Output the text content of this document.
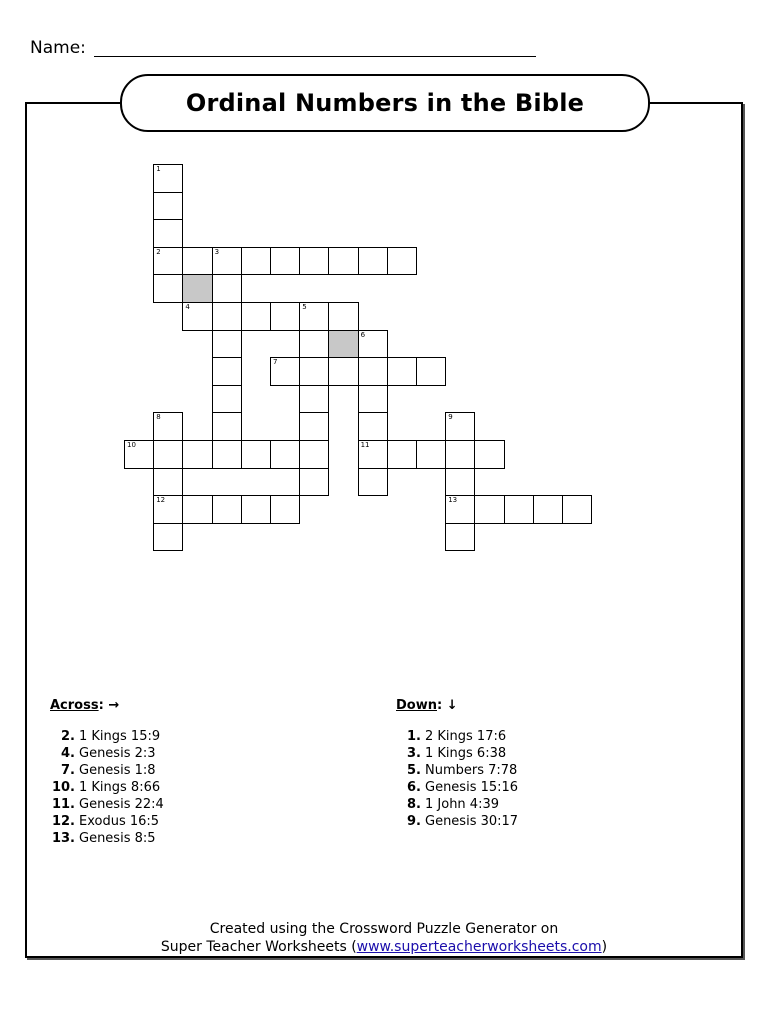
Name:
Ordinal Numbers in the Bible
1
2	3
4	5
6
7
8	9
10	11
12	13
Across: →
2. 1 Kings 15:9
4. Genesis 2:3
7. Genesis 1:8
10. 1 Kings 8:66
11. Genesis 22:4
12. Exodus 16:5
13. Genesis 8:5
Down: ↓
1. 2 Kings 17:6
3. 1 Kings 6:38
5. Numbers 7:78
6. Genesis 15:16
8. 1 John 4:39
9. Genesis 30:17
Created using the Crossword Puzzle Generator on
Super Teacher Worksheets (www.superteacherworksheets.com)
